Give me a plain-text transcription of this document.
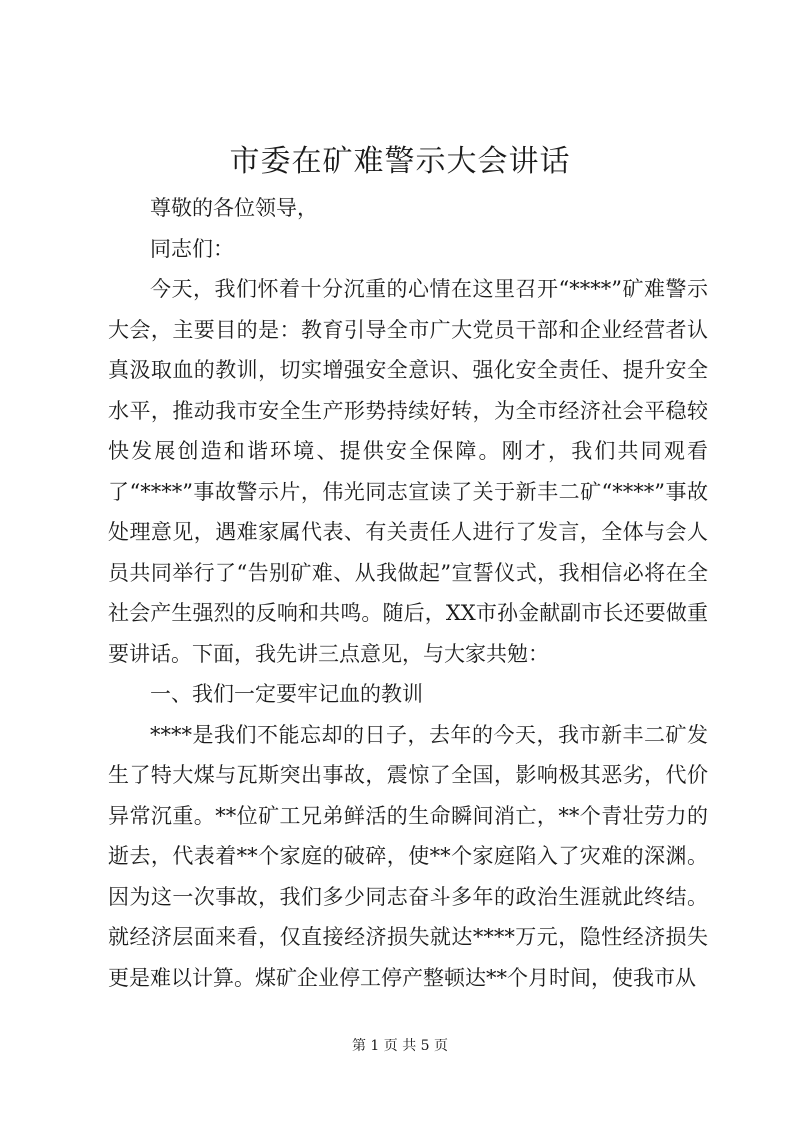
市委在矿难警示大会讲话

尊敬的各位领导，

同志们：

今天，我们怀着十分沉重的心情在这里召开“****”矿难警示大会，主要目的是：教育引导全市广大党员干部和企业经营者认真汲取血的教训，切实增强安全意识、强化安全责任、提升安全水平，推动我市安全生产形势持续好转，为全市经济社会平稳较快发展创造和谐环境、提供安全保障。刚才，我们共同观看了“****”事故警示片，伟光同志宣读了关于新丰二矿“****”事故处理意见，遇难家属代表、有关责任人进行了发言，全体与会人员共同举行了“告别矿难、从我做起”宣誓仪式，我相信必将在全社会产生强烈的反响和共鸣。随后，XX市孙金献副市长还要做重要讲话。下面，我先讲三点意见，与大家共勉：

一、我们一定要牢记血的教训

****是我们不能忘却的日子，去年的今天，我市新丰二矿发生了特大煤与瓦斯突出事故，震惊了全国，影响极其恶劣，代价异常沉重。**位矿工兄弟鲜活的生命瞬间消亡，**个青壮劳力的逝去，代表着**个家庭的破碎，使**个家庭陷入了灾难的深渊。因为这一次事故，我们多少同志奋斗多年的政治生涯就此终结。就经济层面来看，仅直接经济损失就达****万元，隐性经济损失更是难以计算。煤矿企业停工停产整顿达**个月时间，使我市从

第 1 页 共 5 页
